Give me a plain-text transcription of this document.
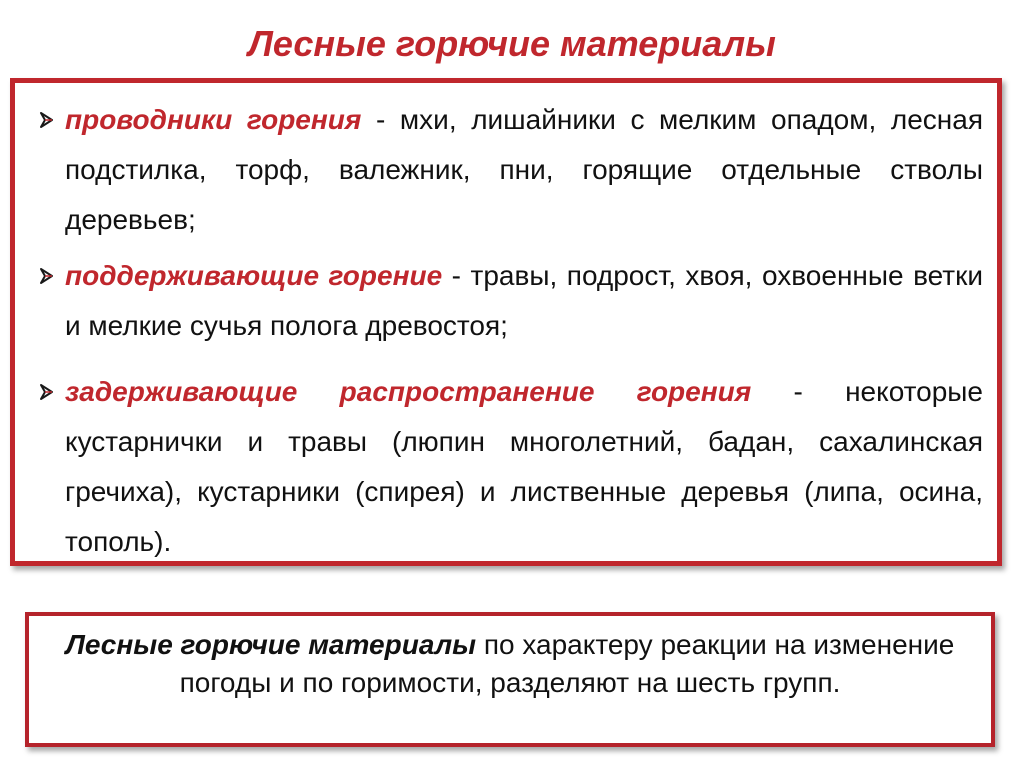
Лесные горючие материалы
проводники горения - мхи, лишайники с мелким опадом, лесная подстилка, торф, валежник, пни, горящие отдельные стволы деревьев;
поддерживающие горение - травы, подрост, хвоя, охвоенные ветки и мелкие сучья полога древостоя;
задерживающие распространение горения - некоторые кустарнички и травы (люпин многолетний, бадан, сахалинская гречиха), кустарники (спирея) и лиственные деревья (липа, осина, тополь).
Лесные горючие материалы по характеру реакции на изменение погоды и по горимости, разделяют на шесть групп.
